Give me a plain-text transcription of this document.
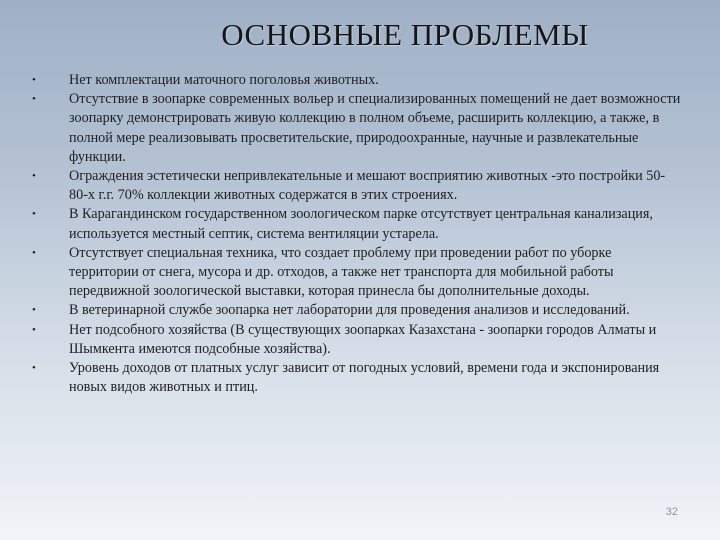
ОСНОВНЫЕ ПРОБЛЕМЫ
• Нет комплектации маточного поголовья животных.
• Отсутствие в зоопарке современных вольер и специализированных помещений не дает возможности зоопарку демонстрировать живую коллекцию в полном объеме, расширить коллекцию, а также, в полной мере реализовывать просветительские, природоохранные, научные и развлекательные функции.
• Ограждения эстетически непривлекательные и мешают восприятию животных -это постройки 50-80-х г.г. 70% коллекции животных содержатся в этих строениях.
• В Карагандинском государственном зоологическом парке отсутствует центральная канализация, используется местный септик, система вентиляции устарела.
• Отсутствует специальная техника, что создает проблему при проведении работ по уборке территории от снега, мусора и др. отходов, а также нет транспорта для мобильной работы передвижной зоологической выставки, которая принесла бы дополнительные доходы.
• В ветеринарной службе зоопарка нет лаборатории для проведения анализов и исследований.
• Нет подсобного хозяйства (В существующих зоопарках Казахстана - зоопарки городов Алматы и Шымкента имеются подсобные хозяйства).
• Уровень доходов от платных услуг зависит от погодных условий, времени года и экспонирования новых видов животных и птиц.
32
